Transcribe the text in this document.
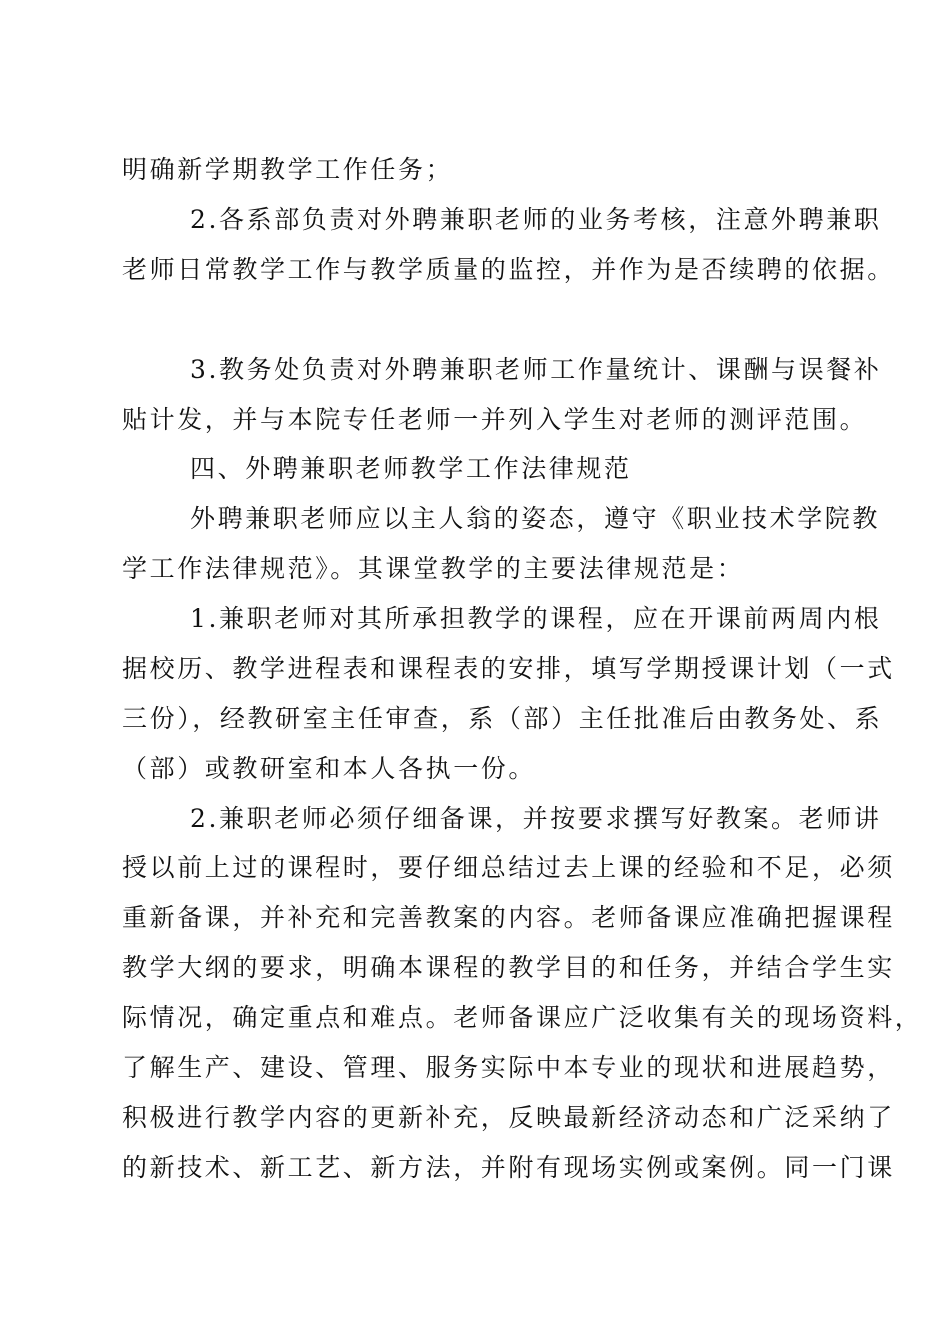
明确新学期教学工作任务；
2.各系部负责对外聘兼职老师的业务考核，注意外聘兼职
老师日常教学工作与教学质量的监控，并作为是否续聘的依据。
3.教务处负责对外聘兼职老师工作量统计、课酬与误餐补
贴计发，并与本院专任老师一并列入学生对老师的测评范围。
四、外聘兼职老师教学工作法律规范
外聘兼职老师应以主人翁的姿态，遵守《职业技术学院教
学工作法律规范》。其课堂教学的主要法律规范是：
1.兼职老师对其所承担教学的课程，应在开课前两周内根
据校历、教学进程表和课程表的安排，填写学期授课计划（一式
三份），经教研室主任审查，系（部）主任批准后由教务处、系
（部）或教研室和本人各执一份。
2.兼职老师必须仔细备课，并按要求撰写好教案。老师讲
授以前上过的课程时，要仔细总结过去上课的经验和不足，必须
重新备课，并补充和完善教案的内容。老师备课应准确把握课程
教学大纲的要求，明确本课程的教学目的和任务，并结合学生实
际情况，确定重点和难点。老师备课应广泛收集有关的现场资料，
了解生产、建设、管理、服务实际中本专业的现状和进展趋势，
积极进行教学内容的更新补充，反映最新经济动态和广泛采纳了
的新技术、新工艺、新方法，并附有现场实例或案例。同一门课
